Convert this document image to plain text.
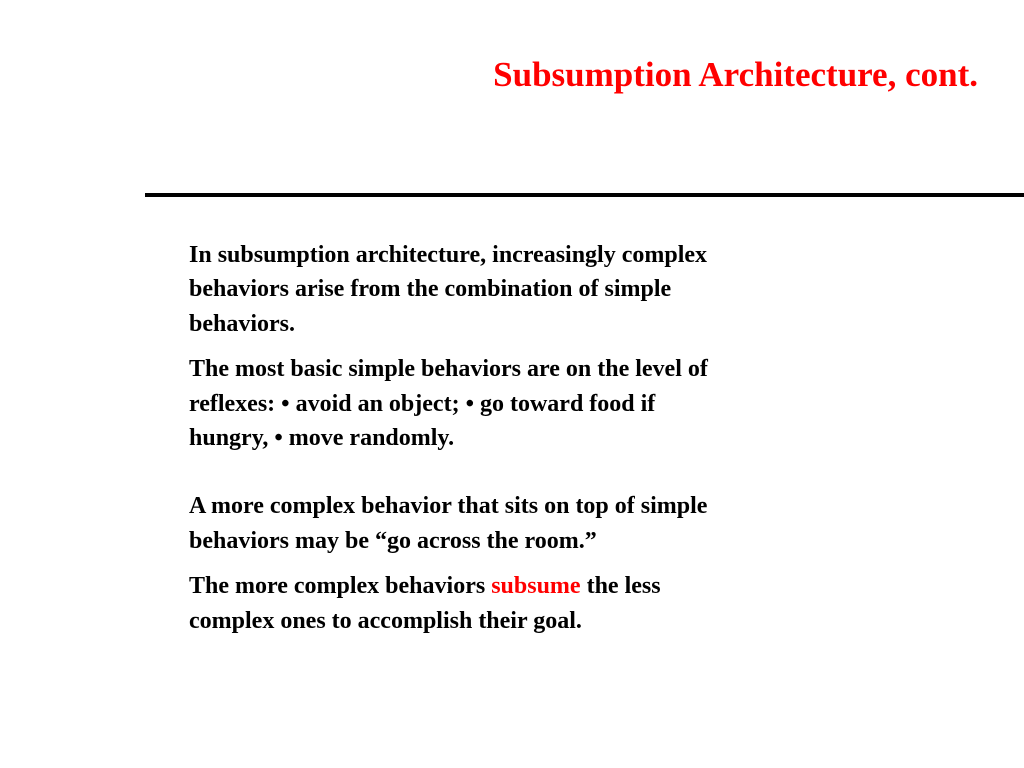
Subsumption Architecture, cont.

In subsumption architecture, increasingly complex
behaviors arise from the combination of simple
behaviors.

The most basic simple behaviors are on the level of
reflexes: • avoid an object; • go toward food if
hungry, • move randomly.

A more complex behavior that sits on top of simple
behaviors may be “go across the room.”

The more complex behaviors subsume the less
complex ones to accomplish their goal.
